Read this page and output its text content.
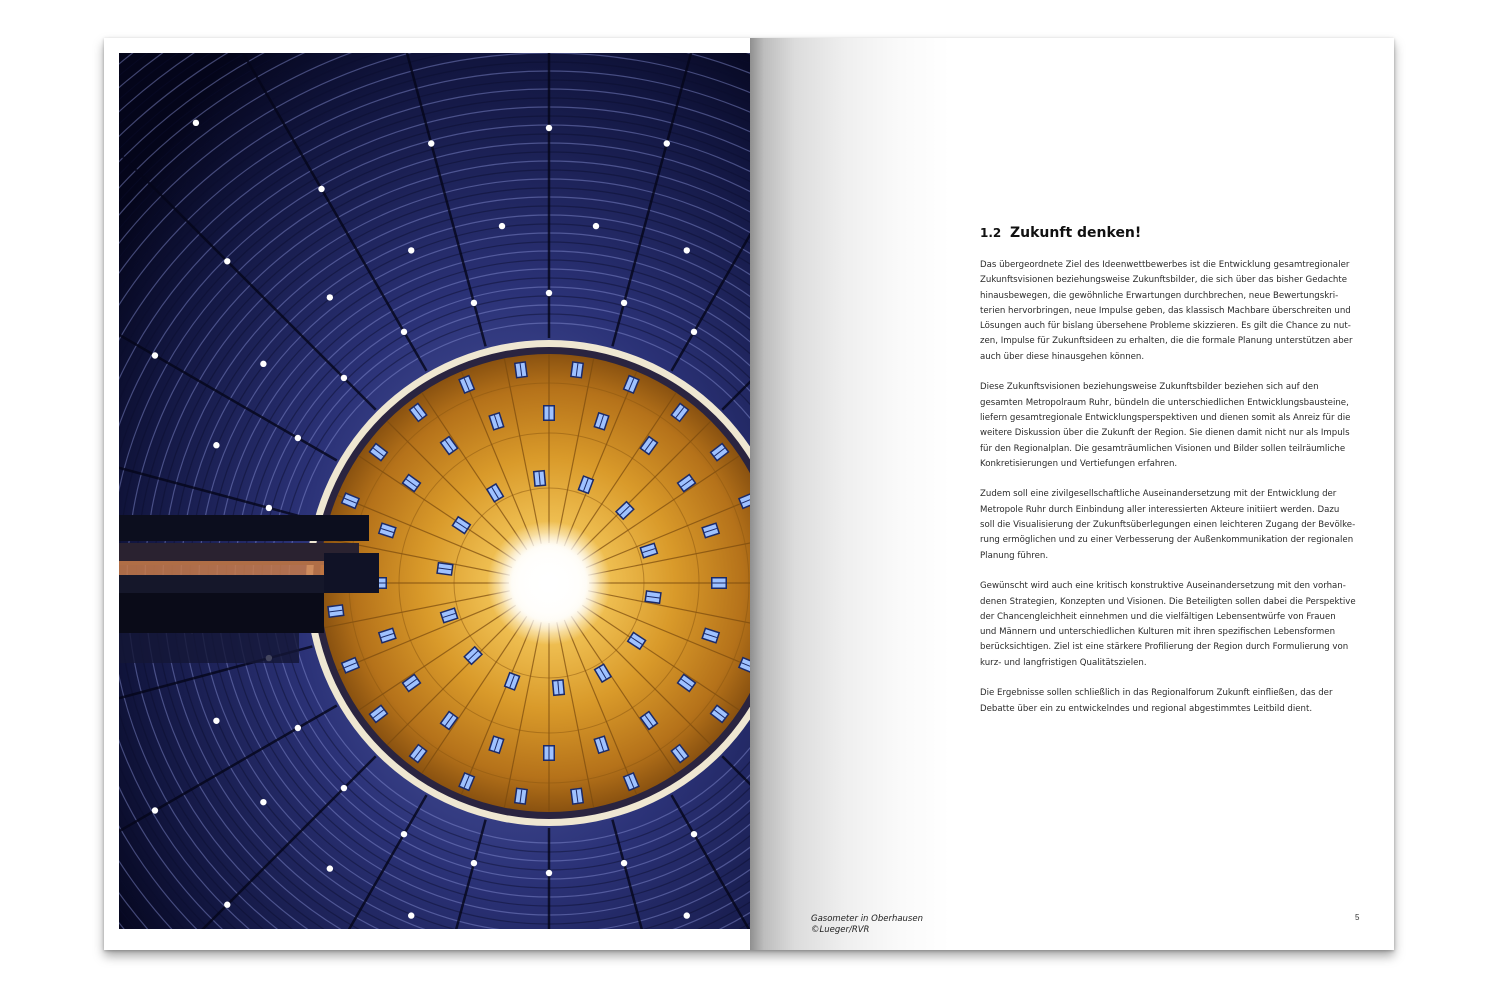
Gasometer in Oberhausen
©Lueger/RVR
1.2 Zukunft denken!

Das übergeordnete Ziel des Ideenwettbewerbes ist die Entwicklung gesamtregionaler
Zukunftsvisionen beziehungsweise Zukunftsbilder, die sich über das bisher Gedachte
hinausbewegen, die gewöhnliche Erwartungen durchbrechen, neue Bewertungskri-
terien hervorbringen, neue Impulse geben, das klassisch Machbare überschreiten und
Lösungen auch für bislang übersehene Probleme skizzieren. Es gilt die Chance zu nut-
zen, Impulse für Zukunftsideen zu erhalten, die die formale Planung unterstützen aber
auch über diese hinausgehen können.

Diese Zukunftsvisionen beziehungsweise Zukunftsbilder beziehen sich auf den
gesamten Metropolraum Ruhr, bündeln die unterschiedlichen Entwicklungsbausteine,
liefern gesamtregionale Entwicklungsperspektiven und dienen somit als Anreiz für die
weitere Diskussion über die Zukunft der Region. Sie dienen damit nicht nur als Impuls
für den Regionalplan. Die gesamträumlichen Visionen und Bilder sollen teilräumliche
Konkretisierungen und Vertiefungen erfahren.

Zudem soll eine zivilgesellschaftliche Auseinandersetzung mit der Entwicklung der
Metropole Ruhr durch Einbindung aller interessierten Akteure initiiert werden. Dazu
soll die Visualisierung der Zukunftsüberlegungen einen leichteren Zugang der Bevölke-
rung ermöglichen und zu einer Verbesserung der Außenkommunikation der regionalen
Planung führen.

Gewünscht wird auch eine kritisch konstruktive Auseinandersetzung mit den vorhan-
denen Strategien, Konzepten und Visionen. Die Beteiligten sollen dabei die Perspektive
der Chancengleichheit einnehmen und die vielfältigen Lebensentwürfe von Frauen
und Männern und unterschiedlichen Kulturen mit ihren spezifischen Lebensformen
berücksichtigen. Ziel ist eine stärkere Profilierung der Region durch Formulierung von
kurz- und langfristigen Qualitätszielen.

Die Ergebnisse sollen schließlich in das Regionalforum Zukunft einfließen, das der
Debatte über ein zu entwickelndes und regional abgestimmtes Leitbild dient.

5
